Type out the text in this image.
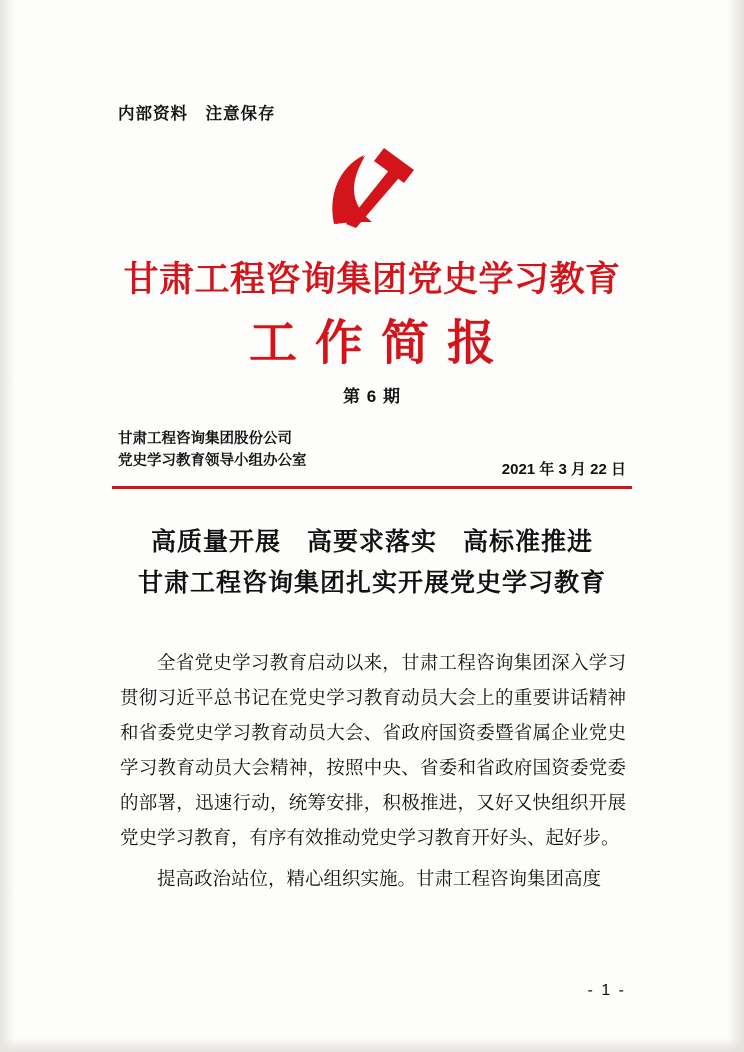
内部资料　注意保存
甘肃工程咨询集团党史学习教育
工作简报
第 6 期
甘肃工程咨询集团股份公司
党史学习教育领导小组办公室	2021 年 3 月 22 日
高质量开展　高要求落实　高标准推进
甘肃工程咨询集团扎实开展党史学习教育

全省党史学习教育启动以来，甘肃工程咨询集团深入学习贯彻习近平总书记在党史学习教育动员大会上的重要讲话精神和省委党史学习教育动员大会、省政府国资委暨省属企业党史学习教育动员大会精神，按照中央、省委和省政府国资委党委的部署，迅速行动，统筹安排，积极推进，又好又快组织开展党史学习教育，有序有效推动党史学习教育开好头、起好步。

提高政治站位，精心组织实施。甘肃工程咨询集团高度

- 1 -
